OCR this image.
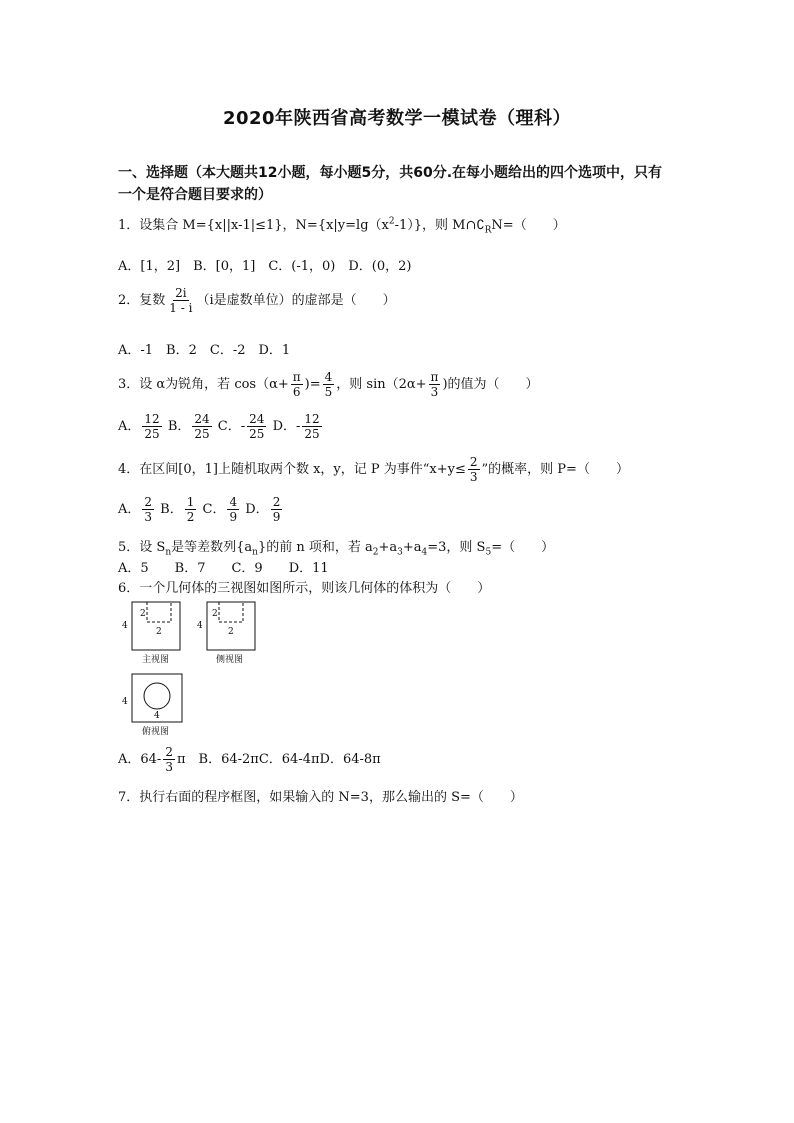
2020年陕西省高考数学一模试卷（理科）
一、选择题（本大题共12小题，每小题5分，共60分.在每小题给出的四个选项中，只有
一个是符合题目要求的）
1．设集合 M={x||x-1|≤1}，$N=\{x|y=\lg(x^2-1)\}$，则 $M\cap∁_RN=$（　　）
A．[1，2]　B．[0，1]　C．(-1，0)　D．(0，2)
2．复数 $\frac{2i}{1 - i} (i$是虚数单位）的虚部是（　　）
A．-1　B．2　C．-2　D．1
3．设 α为锐角，若 $\cos(\alpha+ \frac{\pi}{6}$ )= $\frac{4}{5}$ ，则 $\sin(2\alpha+ \frac{\pi}{3}$ )的值为（　　）
A． $\frac{12}{25}$ B． $\frac{24}{25}$ C．- $\frac{24}{25}$ D．- $\frac{12}{25}$
4．在区间[0，1]上随机取两个数 x，y，记 P 为事件“$x+y\le \frac{2}{3}$ ”的概率，则 P=（　　）
A． $\frac{2}{3}$ B． $\frac{1}{2}$ C． $\frac{4}{9}$ D． $\frac{2}{9}$
5．设 $S_n$是等差数列$\{a_n\}$的前 n 项和，若 $a_2+a_3+a_4=3$，则 $S_5=$（　　）
A．5　　B．7　　C．9　　D．11
6．一个几何体的三视图如图所示，则该几何体的体积为（　　）
4
2
2
主视图
4
2
2
侧视图
4
4
俯视图
A．$64- \frac{2}{3}$ π　B．64-2πC．64-4πD．64-8π
7．执行右面的程序框图，如果输入的 N=3，那么输出的 S=（　　）
